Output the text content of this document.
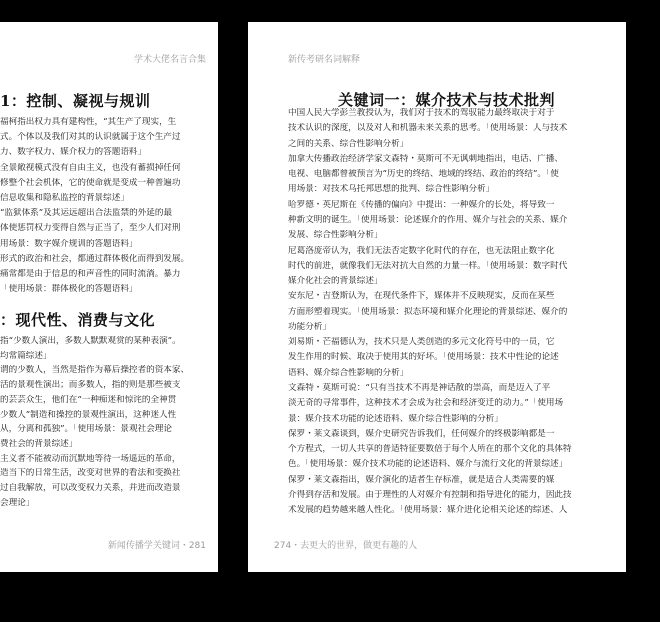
学术大佬名言合集
1：控制、凝视与规训
福柯指出权力具有建构性，“其生产了现实，生
式。个体以及我们对其的认识就属于这个生产过
力、数字权力、媒介权力的答题语料」
全景敞视模式没有自由主义，也没有蓄损掉任何
修整个社会机体，它的使命就是变成一种普遍功
信息收集和隐私监控的背景综述」
“监狱体系”及其运远超出合法监禁的外延的最
体使惩罚权力变得自然与正当了，至少人们对刑
用场景：数字媒介规训的答题语料」
形式的政治和社会，都通过群体极化而得到发展。
痛常都是由于信息的和声音性的同时流淌。暴力
「使用场景：群体极化的答题语料」
：现代性、消费与文化
指“少数人演出，多数人默默观赏的某种表演”。
均常篇综述」
谓的少数人，当然是指作为幕后操控者的资本家、
活的景观性演出；而多数人，指的则是那些被支
的芸芸众生，他们在“一种痴迷和惊诧的全神贯
少数人”制造和操控的景观性演出，这种迷人性
从，分离和孤独”。「使用场景：景观社会理论
费社会的背景综述」
主义者不能被动而沉默地等待一场遥远的革命，
造当下的日常生活，改变对世界的看法和变换社
过自我解放，可以改变权力关系，并进而改造景
会理论」
新闻传播学关键词・281
新传考研名词解释
关键词一：媒介技术与技术批判
中国人民大学彭兰教授认为，我们对于技术的驾驭能力最终取决于对于
技术认识的深度，以及对人和机器未来关系的思考。「使用场景：人与技术
之间的关系、综合性影响分析」
加拿大传播政治经济学家文森特・莫斯可不无讽刺地指出，电话、广播、
电视、电脑都曾被预言为“历史的终结、地域的终结、政治的终结”。「使
用场景：对技术乌托邦思想的批判、综合性影响分析」
哈罗德・英尼斯在《传播的偏向》中提出：一种媒介的长处，将导致一
种新文明的诞生。「使用场景：论述媒介的作用、媒介与社会的关系、媒介
发展、综合性影响分析」
尼葛洛庞帝认为，我们无法否定数字化时代的存在，也无法阻止数字化
时代的前进，就像我们无法对抗大自然的力量一样。「使用场景：数字时代
媒介化社会的背景综述」
安东尼・吉登斯认为，在现代条件下，媒体并不反映现实，反而在某些
方面形塑着现实。「使用场景：拟态环境和媒介化理论的背景综述、媒介的
功能分析」
刘易斯・芒福德认为，技术只是人类创造的多元文化符号中的一员，它
发生作用的时候、取决于使用其的好坏。「使用场景：技术中性论的论述
语料、媒介综合性影响的分析」
文森特・莫斯可说：“只有当技术不再是神话散的崇高，而是迈入了平
淡无奇的寻常事件，这种技术才会成为社会和经济变迁的动力。”「使用场
景：媒介技术功能的论述语料、媒介综合性影响的分析」
保罗・莱文森谈到，媒介史研究告诉我们，任何媒介的终极影响都是一
个方程式，一切人共享的普适特征要数倍于每个人所在的那个文化的具体特
色。「使用场景：媒介技术功能的论述语料、媒介与流行文化的背景综述」
保罗・莱文森指出，媒介演化的适者生存标准，就是适合人类需要的媒
介得到存活和发展。由于理性的人对媒介有控制和指导进化的能力，因此技
术发展的趋势越来越人性化。「使用场景：媒介进化论相关论述的综述、人
274・去更大的世界，做更有趣的人
